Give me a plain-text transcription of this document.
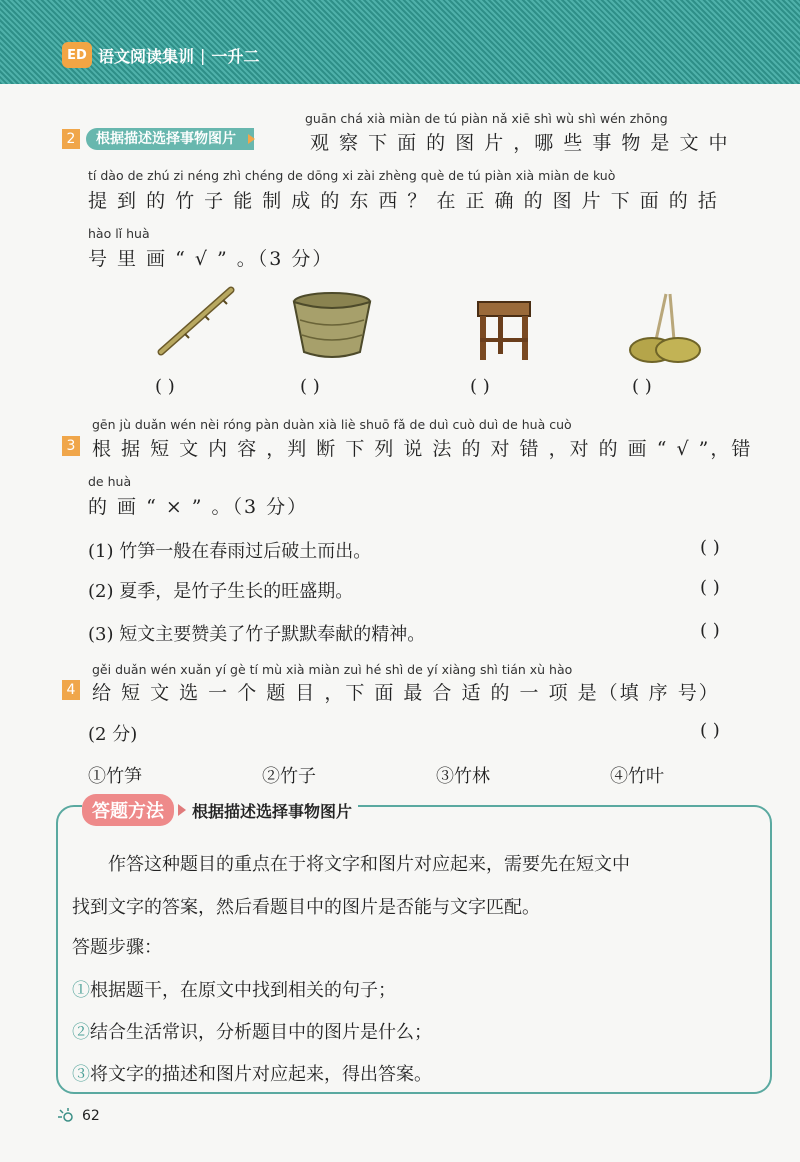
ED 语文阅读集训 | 一升二
guān chá xià miàn de tú piàn nǎ xiē shì wù shì wén zhōng
2	根据描述选择事物图片	观 察 下 面 的 图 片 ，哪 些 事 物 是 文 中
tí dào de zhú zi néng zhì chéng de dōng xi zài zhèng què de tú piàn xià miàn de kuò
提 到 的 竹 子 能 制 成 的 东 西 ？ 在 正 确 的 图 片 下 面 的 括
hào lǐ huà
号 里 画 “ √ ” 。（3 分）
( )	( )	( )	( )
gēn jù duǎn wén nèi róng pàn duàn xià liè shuō fǎ de duì cuò duì de huà cuò
3 根 据 短 文 内 容 ，判 断 下 列 说 法 的 对 错 ，对 的 画 “ √ ”，错
de huà
的 画 “ × ” 。（3 分）
(1) 竹笋一般在春雨过后破土而出。	( )
(2) 夏季，是竹子生长的旺盛期。	( )
(3) 短文主要赞美了竹子默默奉献的精神。	( )
gěi duǎn wén xuǎn yí gè tí mù xià miàn zuì hé shì de yí xiàng shì tián xù hào
4 给 短 文 选 一 个 题 目 ，下 面 最 合 适 的 一 项 是（填 序 号）
(2 分)	( )
①竹笋	②竹子	③竹林	④竹叶
答题方法	根据描述选择事物图片
作答这种题目的重点在于将文字和图片对应起来，需要先在短文中
找到文字的答案，然后看题目中的图片是否能与文字匹配。
答题步骤：
①根据题干，在原文中找到相关的句子；
②结合生活常识，分析题目中的图片是什么；
③将文字的描述和图片对应起来，得出答案。
62
